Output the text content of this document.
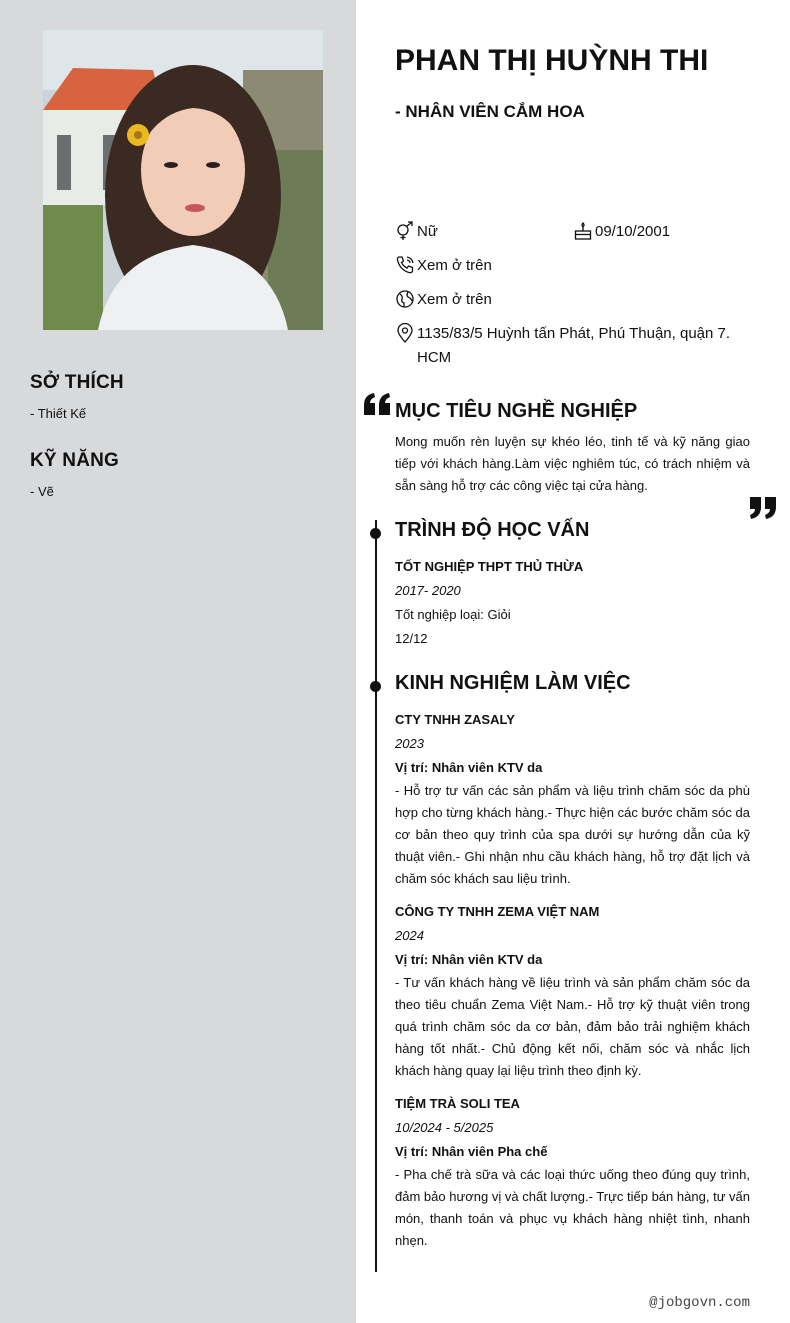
SỞ THÍCH
- Thiết Kế
KỸ NĂNG
- Vẽ
PHAN THỊ HUỲNH THI
- NHÂN VIÊN CẮM HOA
Nữ	09/10/2001
Xem ở trên
Xem ở trên
1135/83/5 Huỳnh tấn Phát, Phú Thuận, quận 7. HCM
MỤC TIÊU NGHỀ NGHIỆP
Mong muốn rèn luyện sự khéo léo, tinh tế và kỹ năng giao tiếp với khách hàng.Làm việc nghiêm túc, có trách nhiệm và sẵn sàng hỗ trợ các công việc tại cửa hàng.
TRÌNH ĐỘ HỌC VẤN
TỐT NGHIỆP THPT THỦ THỪA
2017- 2020
Tốt nghiệp loại: Giỏi
12/12
KINH NGHIỆM LÀM VIỆC
CTY TNHH ZASALY
2023
Vị trí: Nhân viên KTV da
- Hỗ trợ tư vấn các sản phẩm và liệu trình chăm sóc da phù hợp cho từng khách hàng.- Thực hiện các bước chăm sóc da cơ bản theo quy trình của spa dưới sự hướng dẫn của kỹ thuật viên.- Ghi nhận nhu cầu khách hàng, hỗ trợ đặt lịch và chăm sóc khách sau liệu trình.
CÔNG TY TNHH ZEMA VIỆT NAM
2024
Vị trí: Nhân viên KTV da
- Tư vấn khách hàng về liệu trình và sản phẩm chăm sóc da theo tiêu chuẩn Zema Việt Nam.- Hỗ trợ kỹ thuật viên trong quá trình chăm sóc da cơ bản, đảm bảo trải nghiệm khách hàng tốt nhất.- Chủ động kết nối, chăm sóc và nhắc lịch khách hàng quay lại liệu trình theo định kỳ.
TIỆM TRÀ SOLI TEA
10/2024 - 5/2025
Vị trí: Nhân viên Pha chế
- Pha chế trà sữa và các loại thức uống theo đúng quy trình, đảm bảo hương vị và chất lượng.- Trực tiếp bán hàng, tư vấn món, thanh toán và phục vụ khách hàng nhiệt tình, nhanh nhẹn.
@jobgovn.com
